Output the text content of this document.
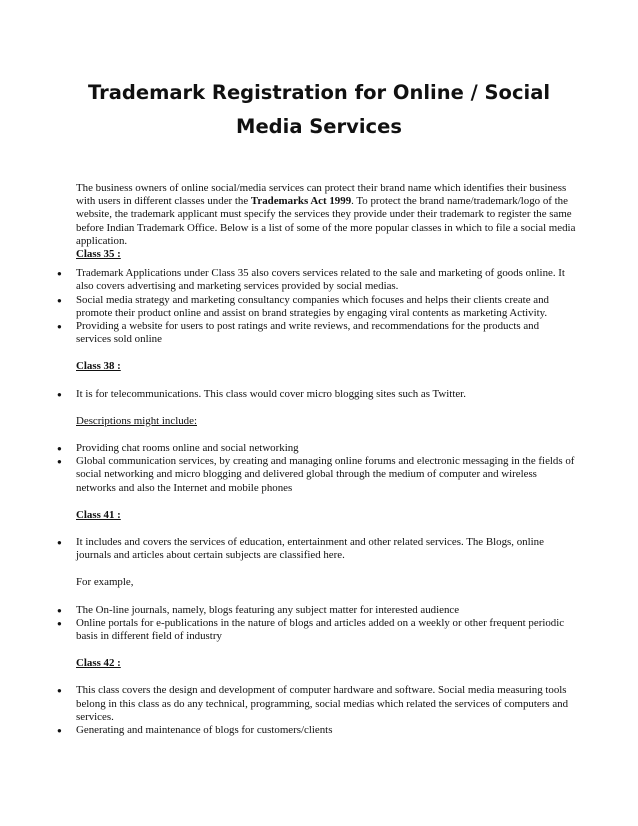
Trademark Registration for Online / Social
Media Services

The business owners of online social/media services can protect their brand name which identifies their business with users in different classes under the Trademarks Act 1999. To protect the brand name/trademark/logo of the website, the trademark applicant must specify the services they provide under their trademark to register the same before Indian Trademark Office. Below is a list of some of the more popular classes in which to file a social media application.

Class 35 :

● Trademark Applications under Class 35 also covers services related to the sale and marketing of goods online. It also covers advertising and marketing services provided by social medias.
● Social media strategy and marketing consultancy companies which focuses and helps their clients create and promote their product online and assist on brand strategies by engaging viral contents as marketing Activity.
● Providing a website for users to post ratings and write reviews, and recommendations for the products and services sold online

Class 38 :

● It is for telecommunications. This class would cover micro blogging sites such as Twitter.

Descriptions might include:

● Providing chat rooms online and social networking
● Global communication services, by creating and managing online forums and electronic messaging in the fields of social networking and micro blogging and delivered global through the medium of computer and wireless networks and also the Internet and mobile phones

Class 41 :

● It includes and covers the services of education, entertainment and other related services. The Blogs, online journals and articles about certain subjects are classified here.

For example,

● The On-line journals, namely, blogs featuring any subject matter for interested audience
● Online portals for e-publications in the nature of blogs and articles added on a weekly or other frequent periodic basis in different field of industry

Class 42 :

● This class covers the design and development of computer hardware and software. Social media measuring tools belong in this class as do any technical, programming, social medias which related the services of computers and services.
● Generating and maintenance of blogs for customers/clients
